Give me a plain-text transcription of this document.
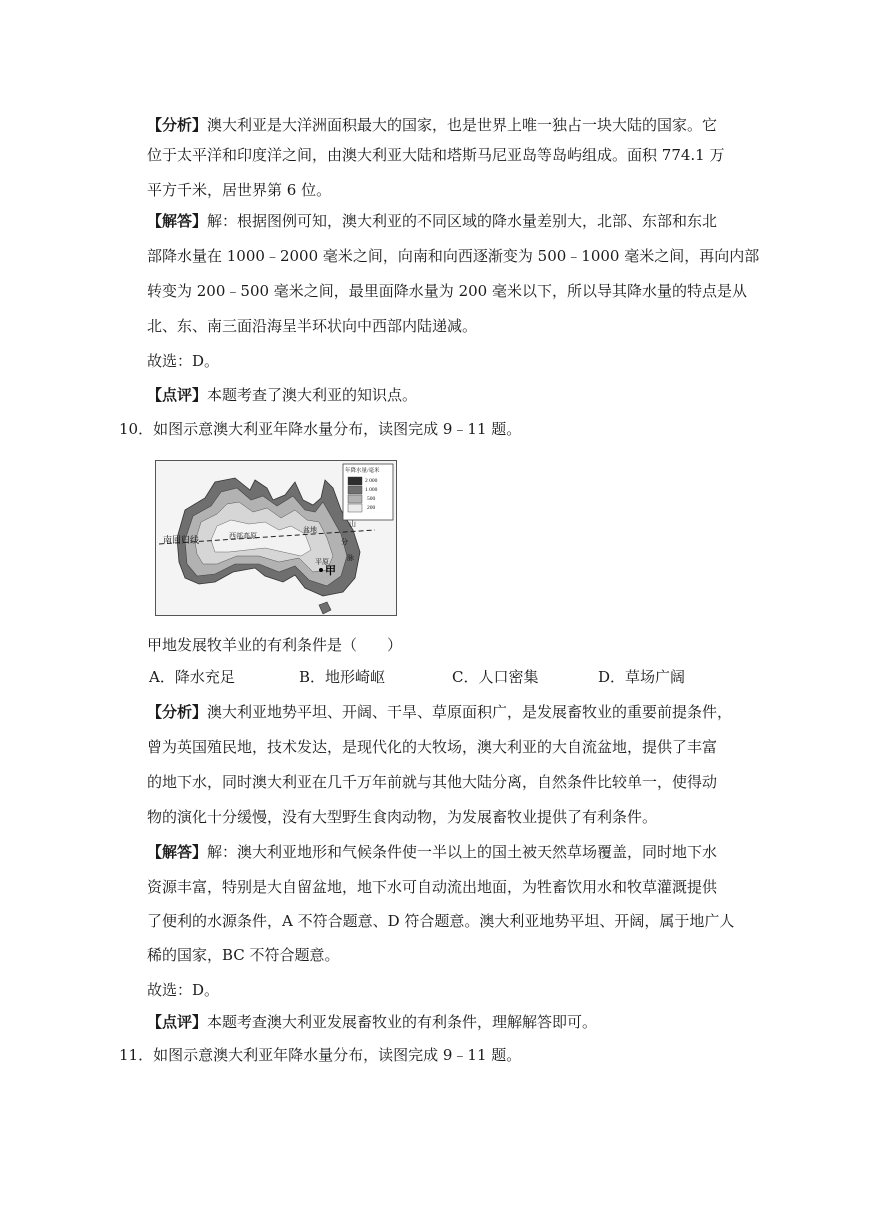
【分析】澳大利亚是大洋洲面积最大的国家，也是世界上唯一独占一块大陆的国家。它
位于太平洋和印度洋之间，由澳大利亚大陆和塔斯马尼亚岛等岛屿组成。面积 774.1 万
平方千米，居世界第 6 位。
【解答】解：根据图例可知，澳大利亚的不同区域的降水量差别大，北部、东部和东北
部降水量在 1000﹣2000 毫米之间，向南和向西逐渐变为 500﹣1000 毫米之间，再向内部
转变为 200﹣500 毫米之间，最里面降水量为 200 毫米以下，所以导其降水量的特点是从
北、东、南三面沿海呈半环状向中西部内陆递减。
故选：D。
【点评】本题考查了澳大利亚的知识点。
10．如图示意澳大利亚年降水量分布，读图完成 9﹣11 题。
南回归线	西部高原
山
分
脉
平原
盆地
甲
年降水量/毫米
2 000
1 000
500
200
甲地发展牧羊业的有利条件是（　　）
A．降水充足	B．地形崎岖	C．人口密集	D．草场广阔
【分析】澳大利亚地势平坦、开阔、干旱、草原面积广，是发展畜牧业的重要前提条件，
曾为英国殖民地，技术发达，是现代化的大牧场，澳大利亚的大自流盆地，提供了丰富
的地下水，同时澳大利亚在几千万年前就与其他大陆分离，自然条件比较单一，使得动
物的演化十分缓慢，没有大型野生食肉动物，为发展畜牧业提供了有利条件。
【解答】解：澳大利亚地形和气候条件使一半以上的国土被天然草场覆盖，同时地下水
资源丰富，特别是大自留盆地，地下水可自动流出地面，为牲畜饮用水和牧草灌溉提供
了便利的水源条件，A 不符合题意、D 符合题意。澳大利亚地势平坦、开阔，属于地广人
稀的国家，BC 不符合题意。
故选：D。
【点评】本题考查澳大利亚发展畜牧业的有利条件，理解解答即可。
11．如图示意澳大利亚年降水量分布，读图完成 9﹣11 题。
